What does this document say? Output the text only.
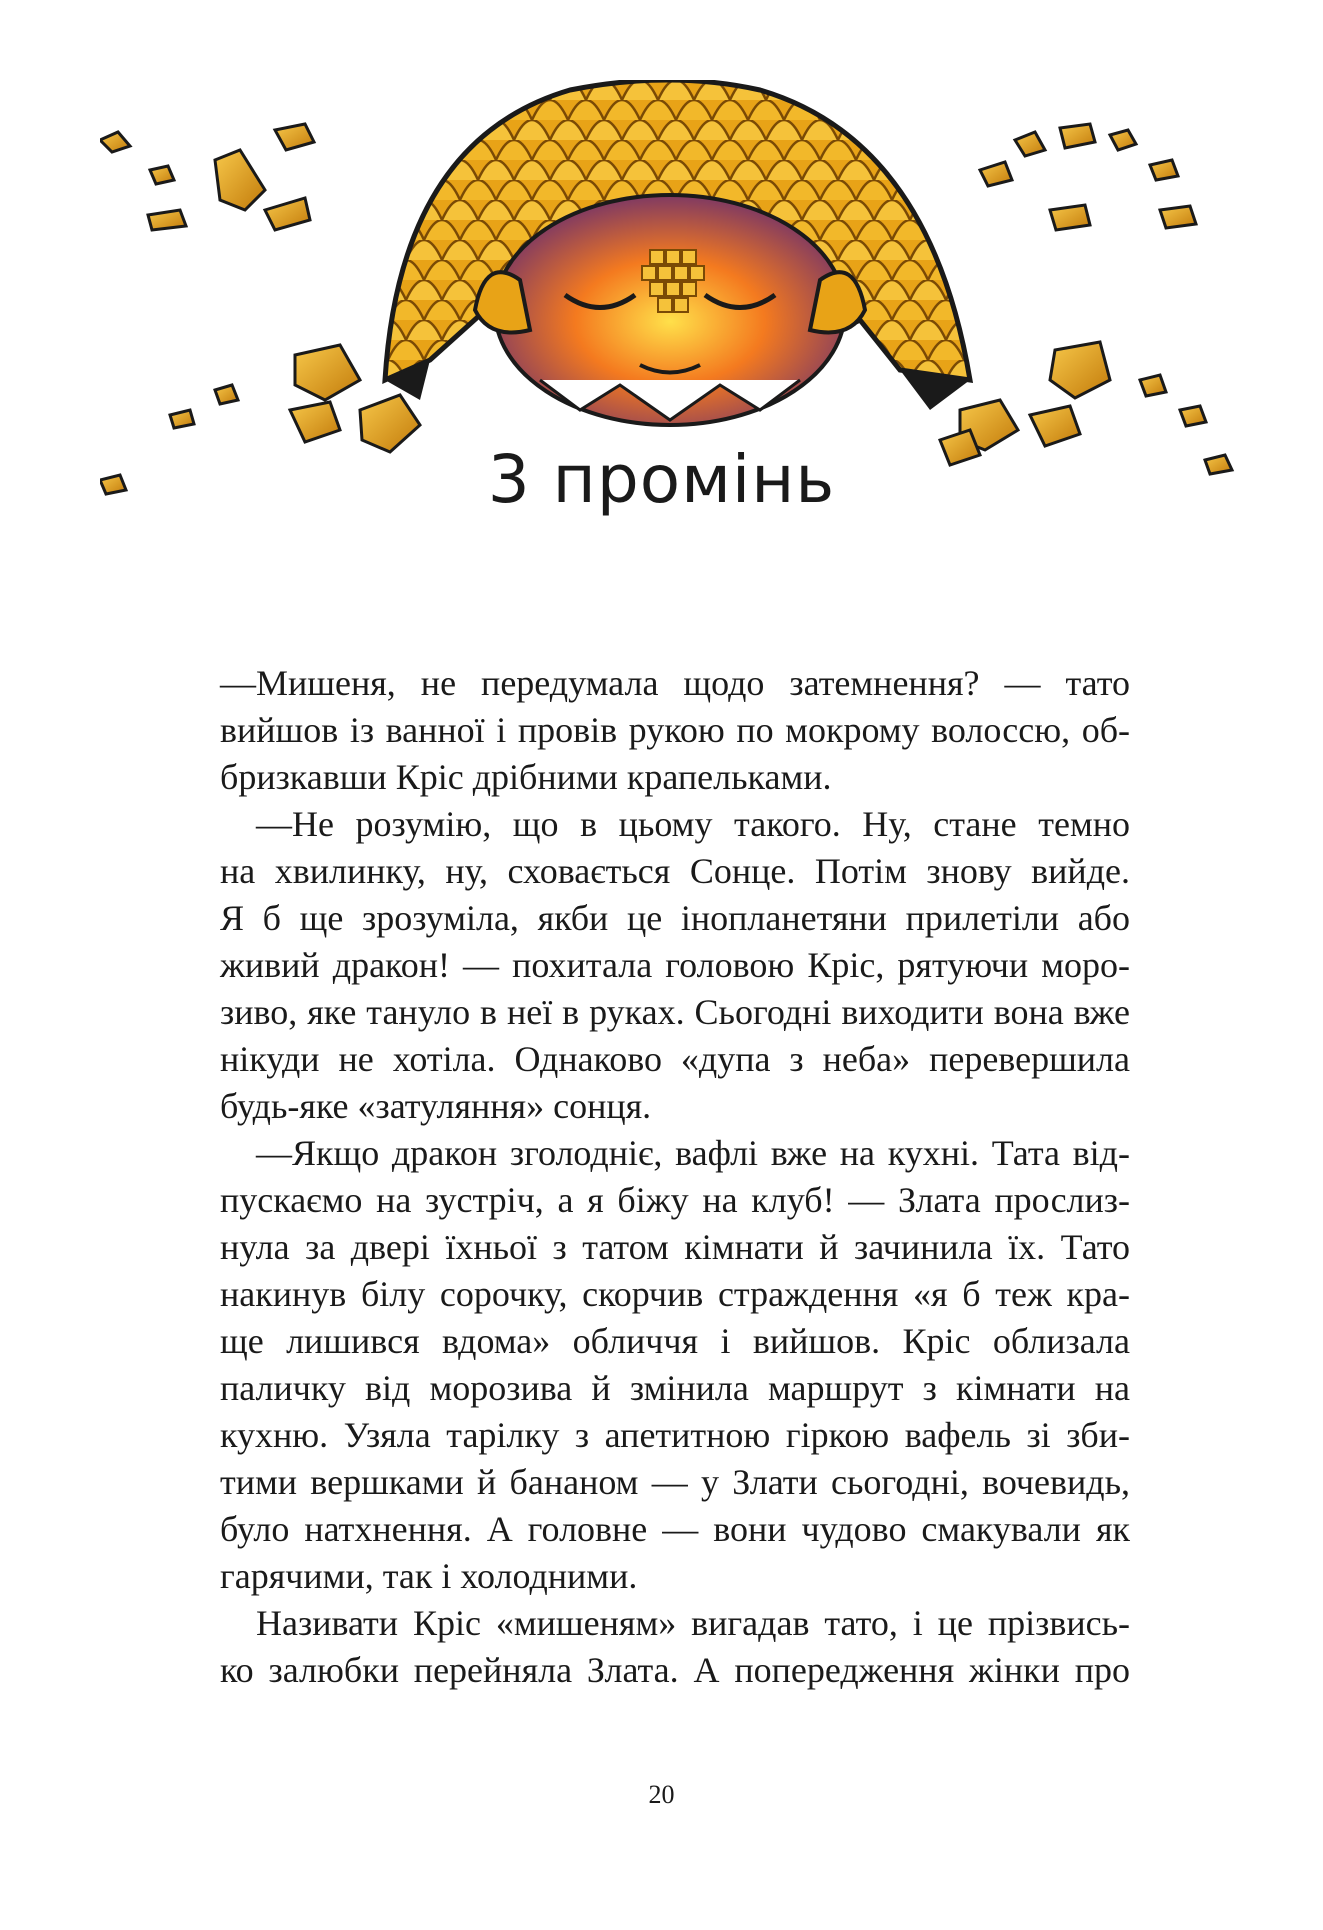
3 промінь
—Мишеня, не передумала щодо затемнення? — тато
вийшов із ванної і провів рукою по мокрому волоссю, об-
бризкавши Кріс дрібними крапельками.
—Не розумію, що в цьому такого. Ну, стане темно
на хвилинку, ну, сховається Сонце. Потім знову вийде.
Я б ще зрозуміла, якби це інопланетяни прилетіли або
живий дракон! — похитала головою Кріс, рятуючи моро-
зиво, яке тануло в неї в руках. Сьогодні виходити вона вже
нікуди не хотіла. Однаково «дупа з неба» перевершила
будь-яке «затуляння» сонця.
—Якщо дракон зголодніє, вафлі вже на кухні. Тата від-
пускаємо на зустріч, а я біжу на клуб! — Злата прослиз-
нула за двері їхньої з татом кімнати й зачинила їх. Тато
накинув білу сорочку, скорчив страждення «я б теж кра-
ще лишився вдома» обличчя і вийшов. Кріс облизала
паличку від морозива й змінила маршрут з кімнати на
кухню. Узяла тарілку з апетитною гіркою вафель зі зби-
тими вершками й бананом — у Злати сьогодні, вочевидь,
було натхнення. А головне — вони чудово смакували як
гарячими, так і холодними.
Називати Кріс «мишеням» вигадав тато, і це прізвись-
ко залюбки перейняла Злата. А попередження жінки про
20
